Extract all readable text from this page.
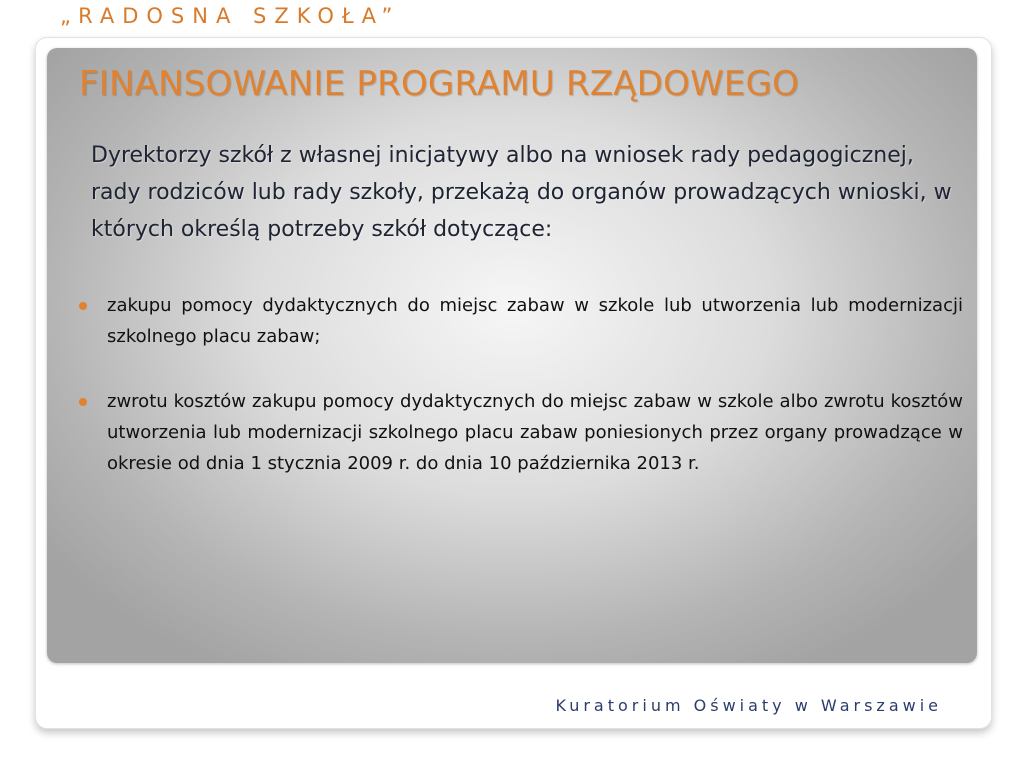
„RADOSNA SZKOŁA”
FINANSOWANIE PROGRAMU RZĄDOWEGO
Dyrektorzy szkół z własnej inicjatywy albo na wniosek rady pedagogicznej, rady rodziców lub rady szkoły, przekażą do organów prowadzących wnioski, w których określą potrzeby szkół dotyczące:
zakupu pomocy dydaktycznych do miejsc zabaw w szkole lub utworzenia lub modernizacji szkolnego placu zabaw;
zwrotu kosztów zakupu pomocy dydaktycznych do miejsc zabaw w szkole albo zwrotu kosztów utworzenia lub modernizacji szkolnego placu zabaw poniesionych przez organy prowadzące w okresie od dnia 1 stycznia 2009 r. do dnia 10 października 2013 r.
Kuratorium Oświaty w Warszawie
